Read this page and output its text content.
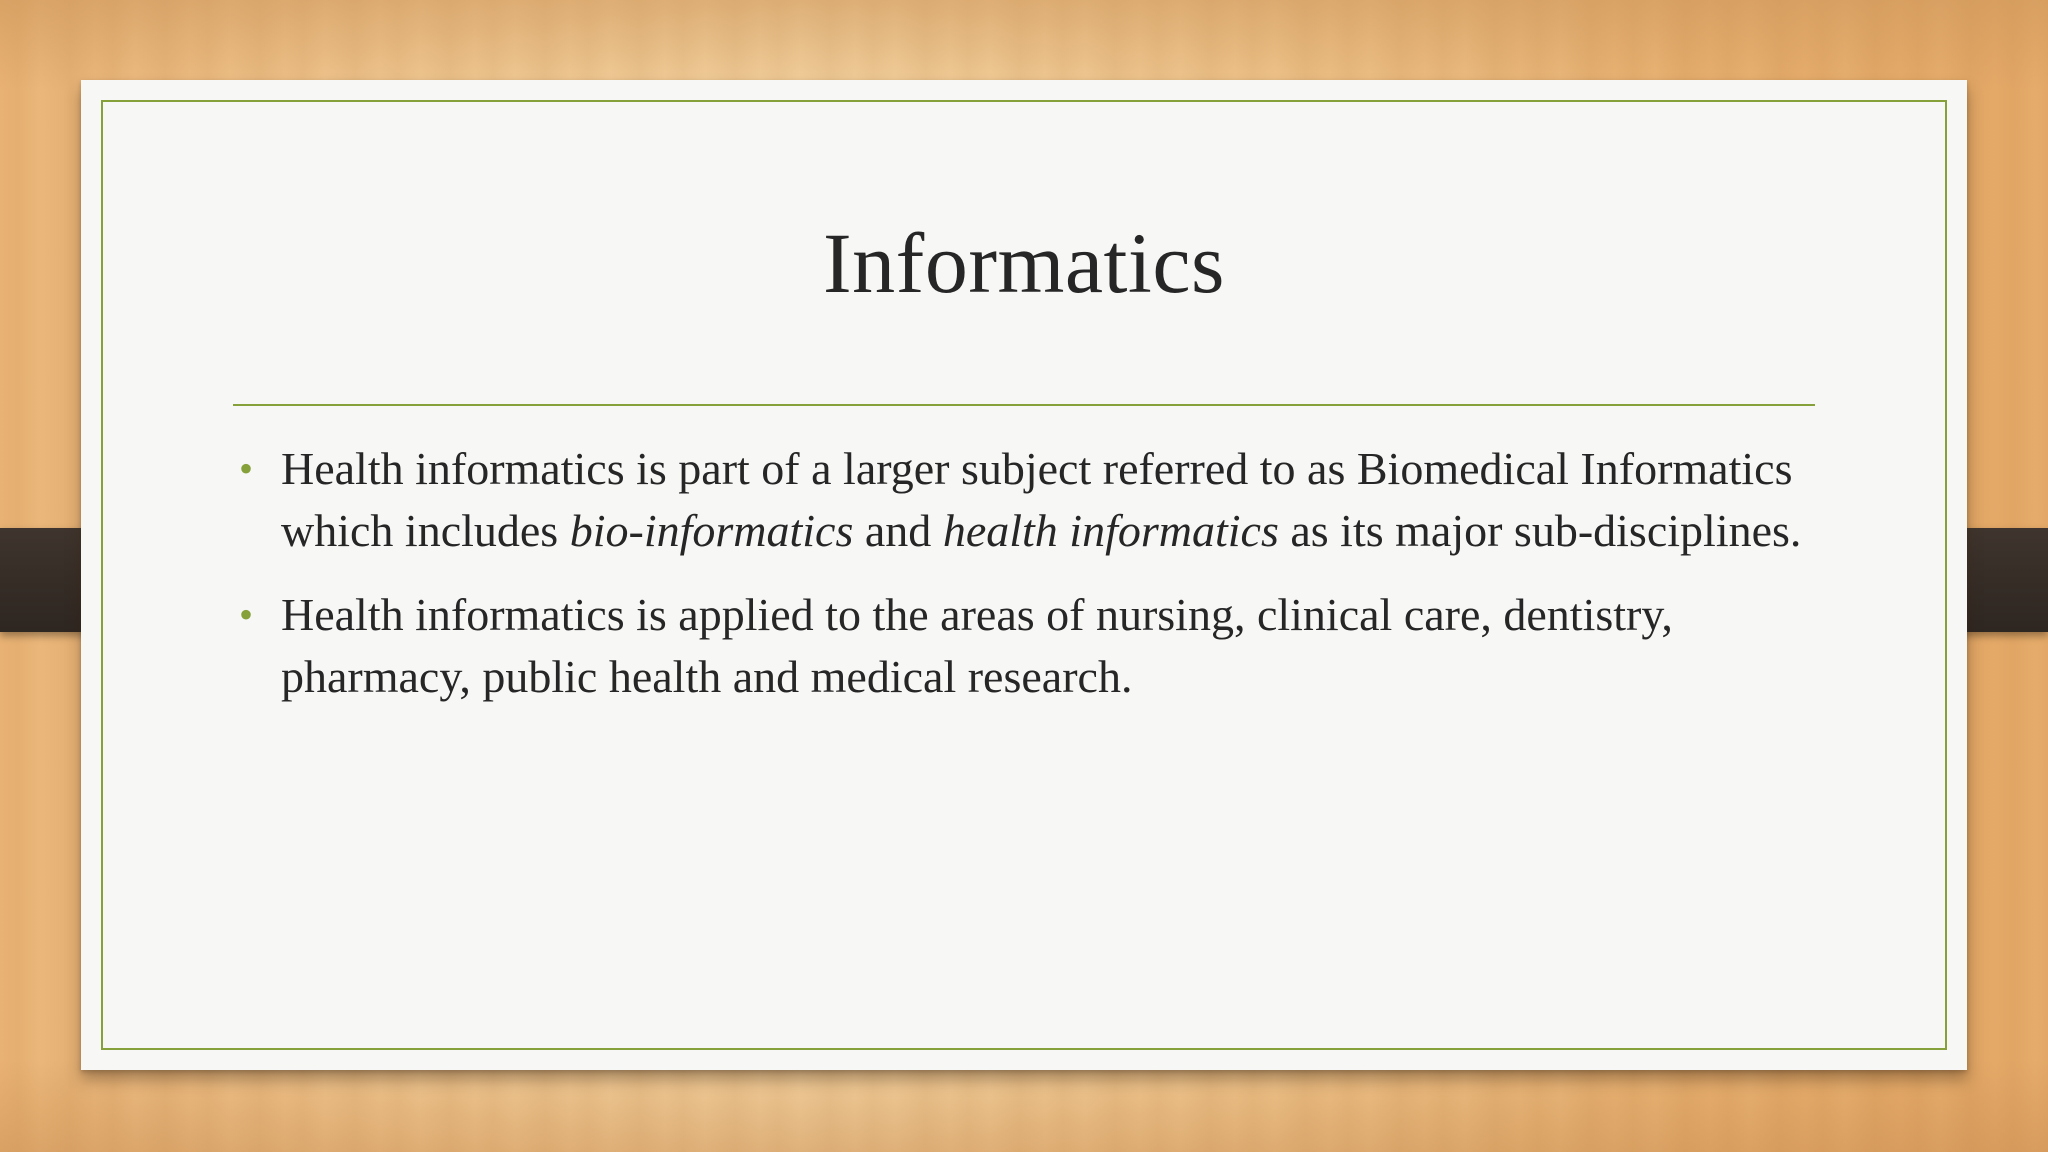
Informatics
• Health informatics is part of a larger subject referred to as Biomedical Informatics which includes bio-informatics and health informatics as its major sub-disciplines.
• Health informatics is applied to the areas of nursing, clinical care, dentistry, pharmacy, public health and medical research.
